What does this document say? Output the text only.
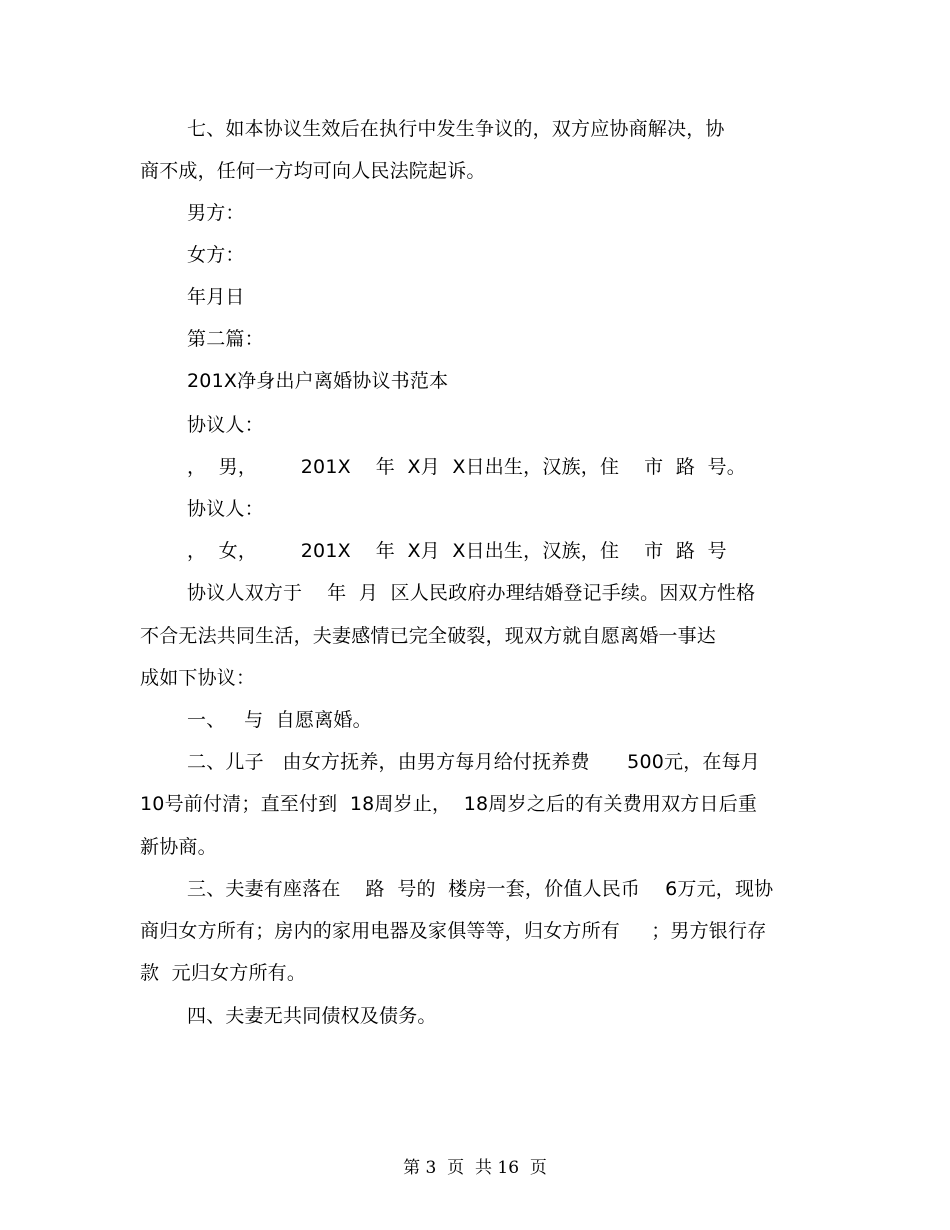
七、如本协议生效后在执行中发生争议的，双方应协商解决，协
商不成，任何一方均可向人民法院起诉。
男方：
女方：
年月日
第二篇：
201X净身出户离婚协议书范本
协议人：
，  男，       201X    年  X月  X日出生，汉族，住    市  路  号。
协议人：
，  女，       201X    年  X月  X日出生，汉族，住    市  路  号
协议人双方于    年  月  区人民政府办理结婚登记手续。因双方性格
不合无法共同生活，夫妻感情已完全破裂，现双方就自愿离婚一事达
成如下协议：
一、   与  自愿离婚。
二、儿子   由女方抚养，由男方每月给付抚养费      500元，在每月
10号前付清；直至付到  18周岁止，  18周岁之后的有关费用双方日后重
新协商。
三、夫妻有座落在    路  号的  楼房一套，价值人民币    6万元，现协
商归女方所有；房内的家用电器及家俱等等，归女方所有     ；男方银行存
款  元归女方所有。
四、夫妻无共同债权及债务。
第 3  页  共 16  页
